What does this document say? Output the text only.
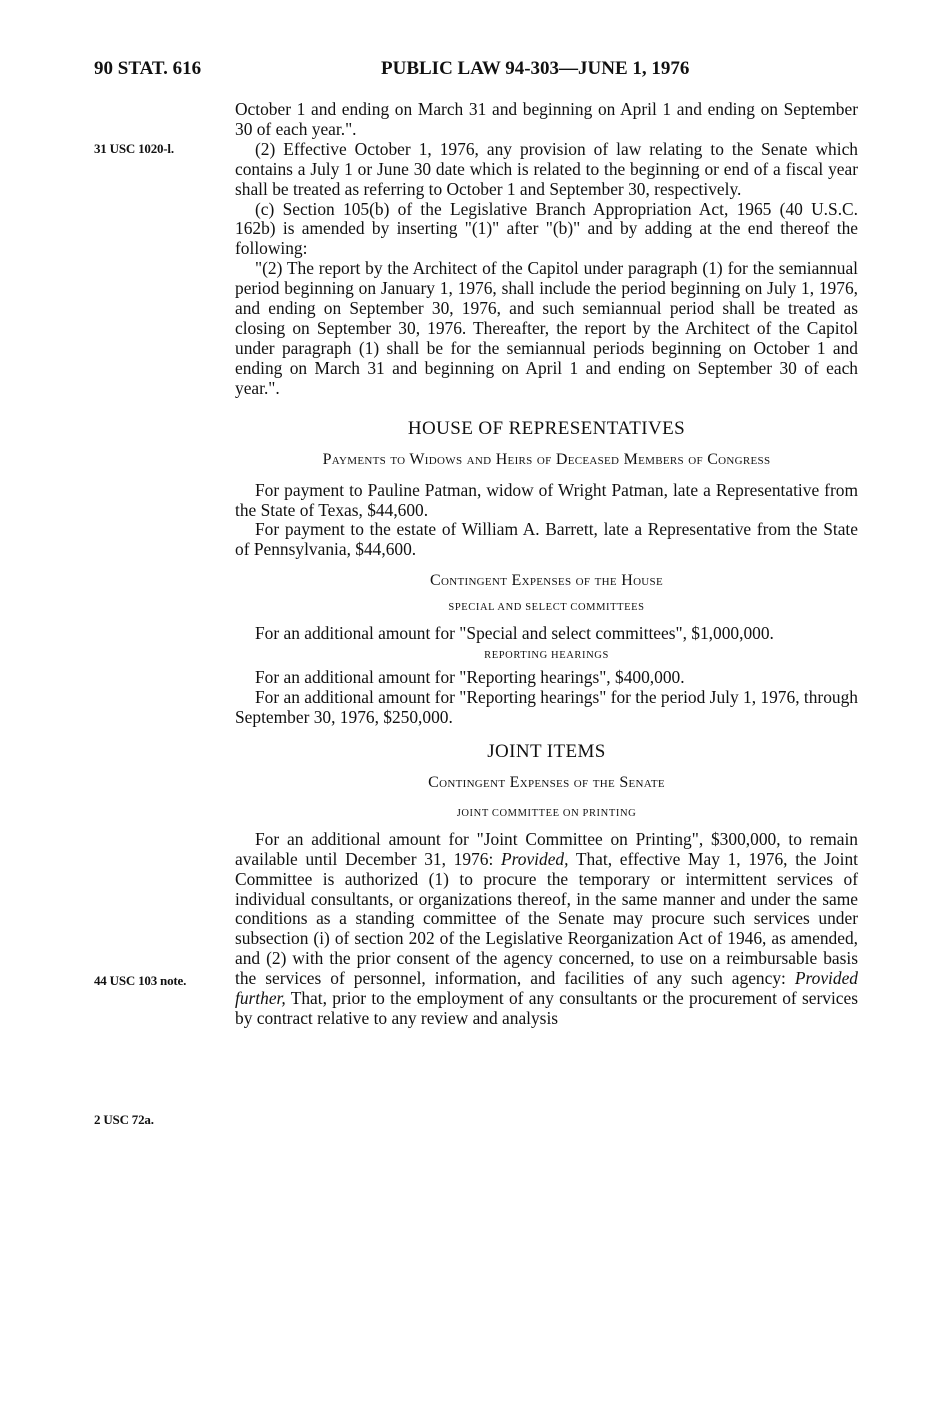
90 STAT. 616	PUBLIC LAW 94-303—JUNE 1, 1976
31 USC 1020-l.
44 USC 103 note.
2 USC 72a.

October 1 and ending on March 31 and beginning on April 1 and ending on September 30 of each year.".

(2) Effective October 1, 1976, any provision of law relating to the Senate which contains a July 1 or June 30 date which is related to the beginning or end of a fiscal year shall be treated as referring to October 1 and September 30, respectively.

(c) Section 105(b) of the Legislative Branch Appropriation Act, 1965 (40 U.S.C. 162b) is amended by inserting "(1)" after "(b)" and by adding at the end thereof the following:

"(2) The report by the Architect of the Capitol under paragraph (1) for the semiannual period beginning on January 1, 1976, shall include the period beginning on July 1, 1976, and ending on September 30, 1976, and such semiannual period shall be treated as closing on September 30, 1976. Thereafter, the report by the Architect of the Capitol under paragraph (1) shall be for the semiannual periods beginning on October 1 and ending on March 31 and beginning on April 1 and ending on September 30 of each year.".

HOUSE OF REPRESENTATIVES

Payments to Widows and Heirs of Deceased Members of Congress

For payment to Pauline Patman, widow of Wright Patman, late a Representative from the State of Texas, $44,600.

For payment to the estate of William A. Barrett, late a Representative from the State of Pennsylvania, $44,600.

Contingent Expenses of the House

SPECIAL AND SELECT COMMITTEES

For an additional amount for "Special and select committees", $1,000,000.

REPORTING HEARINGS

For an additional amount for "Reporting hearings", $400,000.

For an additional amount for "Reporting hearings" for the period July 1, 1976, through September 30, 1976, $250,000.

JOINT ITEMS

Contingent Expenses of the Senate

JOINT COMMITTEE ON PRINTING

For an additional amount for "Joint Committee on Printing", $300,000, to remain available until December 31, 1976: Provided, That, effective May 1, 1976, the Joint Committee is authorized (1) to procure the temporary or intermittent services of individual consultants, or organizations thereof, in the same manner and under the same conditions as a standing committee of the Senate may procure such services under subsection (i) of section 202 of the Legislative Reorganization Act of 1946, as amended, and (2) with the prior consent of the agency concerned, to use on a reimbursable basis the services of personnel, information, and facilities of any such agency: Provided further, That, prior to the employment of any consultants or the procurement of services by contract relative to any review and analysis
